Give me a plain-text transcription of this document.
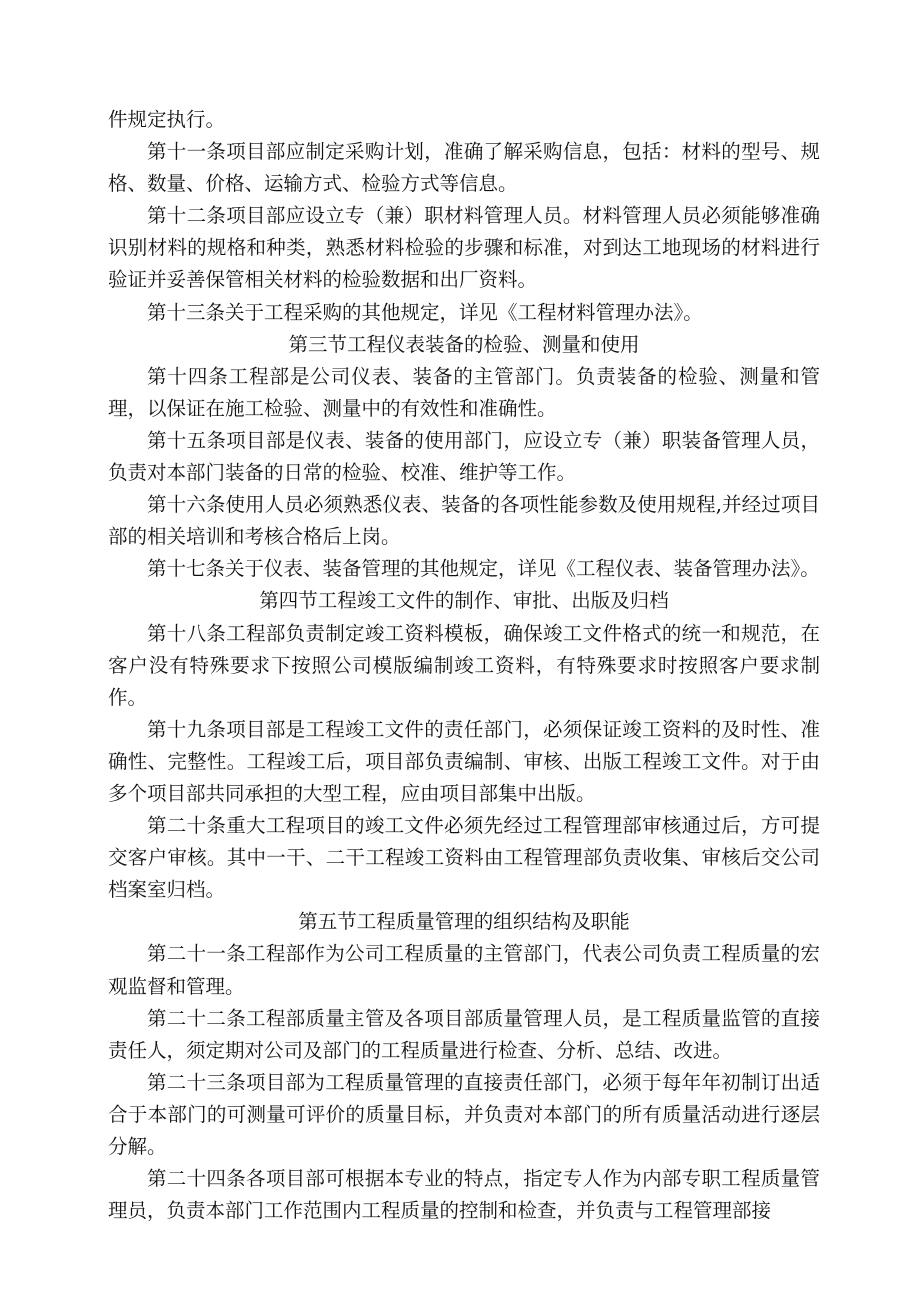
件规定执行。

第十一条项目部应制定采购计划，准确了解采购信息，包括：材料的型号、规格、数量、价格、运输方式、检验方式等信息。

第十二条项目部应设立专（兼）职材料管理人员。材料管理人员必须能够准确识别材料的规格和种类，熟悉材料检验的步骤和标准，对到达工地现场的材料进行验证并妥善保管相关材料的检验数据和出厂资料。

第十三条关于工程采购的其他规定，详见《工程材料管理办法》。

第三节工程仪表装备的检验、测量和使用

第十四条工程部是公司仪表、装备的主管部门。负责装备的检验、测量和管理，以保证在施工检验、测量中的有效性和准确性。

第十五条项目部是仪表、装备的使用部门，应设立专（兼）职装备管理人员，负责对本部门装备的日常的检验、校准、维护等工作。

第十六条使用人员必须熟悉仪表、装备的各项性能参数及使用规程,并经过项目部的相关培训和考核合格后上岗。

第十七条关于仪表、装备管理的其他规定，详见《工程仪表、装备管理办法》。

第四节工程竣工文件的制作、审批、出版及归档

第十八条工程部负责制定竣工资料模板，确保竣工文件格式的统一和规范，在客户没有特殊要求下按照公司模版编制竣工资料，有特殊要求时按照客户要求制作。

第十九条项目部是工程竣工文件的责任部门，必须保证竣工资料的及时性、准确性、完整性。工程竣工后，项目部负责编制、审核、出版工程竣工文件。对于由多个项目部共同承担的大型工程，应由项目部集中出版。

第二十条重大工程项目的竣工文件必须先经过工程管理部审核通过后，方可提交客户审核。其中一干、二干工程竣工资料由工程管理部负责收集、审核后交公司档案室归档。

第五节工程质量管理的组织结构及职能

第二十一条工程部作为公司工程质量的主管部门，代表公司负责工程质量的宏观监督和管理。

第二十二条工程部质量主管及各项目部质量管理人员，是工程质量监管的直接责任人，须定期对公司及部门的工程质量进行检查、分析、总结、改进。

第二十三条项目部为工程质量管理的直接责任部门，必须于每年年初制订出适合于本部门的可测量可评价的质量目标，并负责对本部门的所有质量活动进行逐层分解。

第二十四条各项目部可根据本专业的特点，指定专人作为内部专职工程质量管理员，负责本部门工作范围内工程质量的控制和检查，并负责与工程管理部接
